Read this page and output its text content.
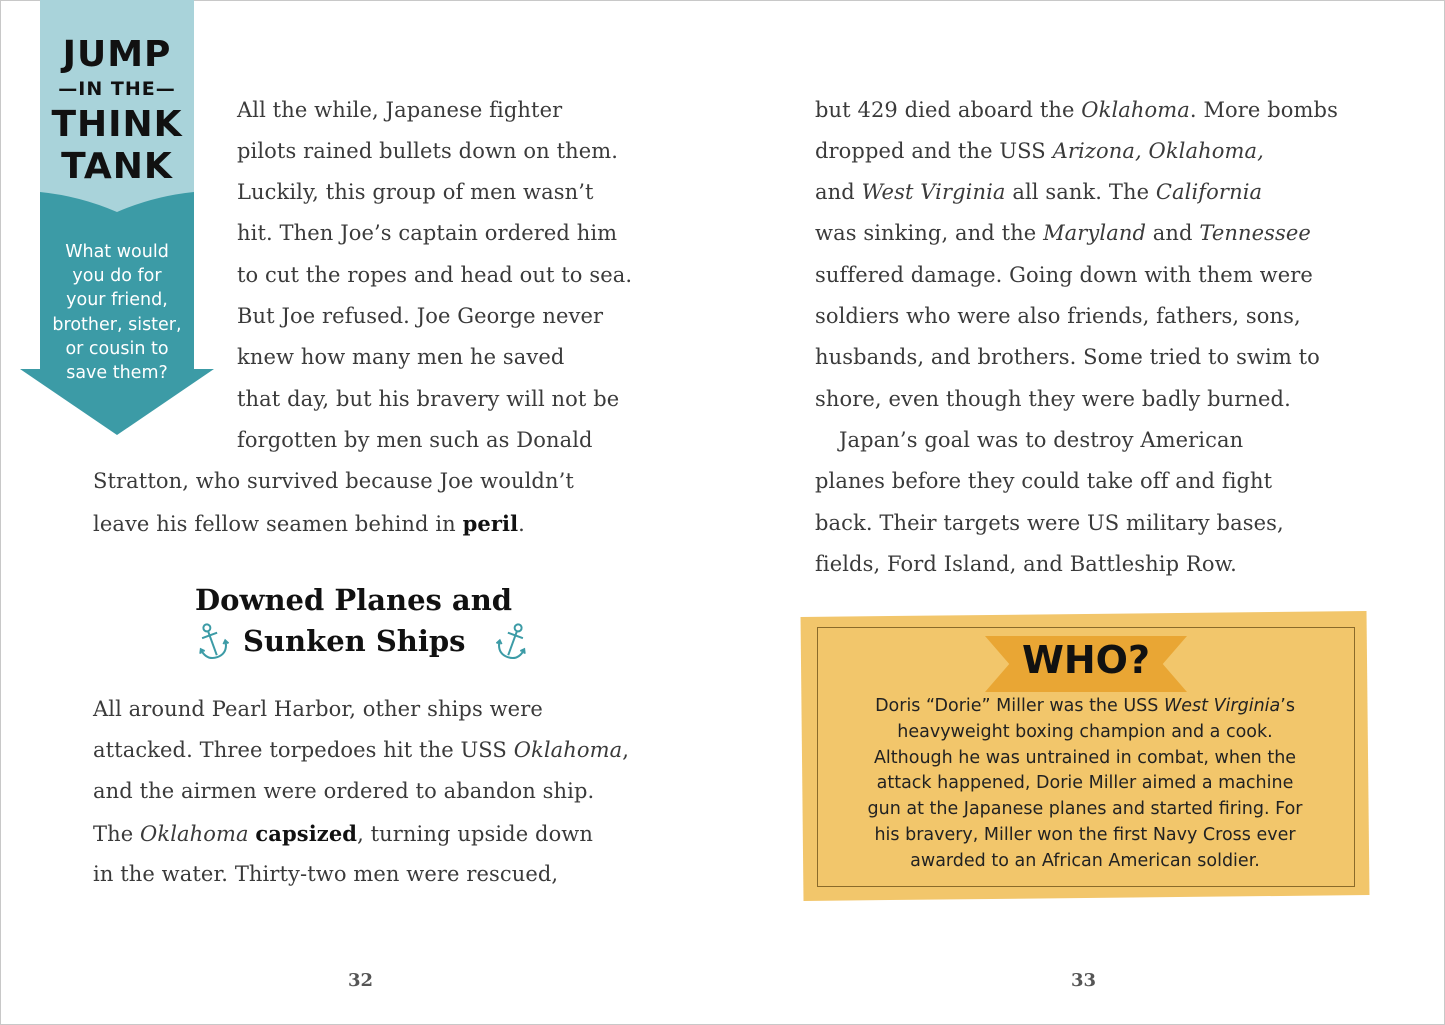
JUMP
—IN THE—
THINK
TANK
What would
you do for
your friend,
brother, sister,
or cousin to
save them?
All the while, Japanese fighter
pilots rained bullets down on them.
Luckily, this group of men wasn’t
hit. Then Joe’s captain ordered him
to cut the ropes and head out to sea.
But Joe refused. Joe George never
knew how many men he saved
that day, but his bravery will not be
forgotten by men such as Donald
Stratton, who survived because Joe wouldn’t
leave his fellow seamen behind in peril.
Downed Planes and
Sunken Ships
All around Pearl Harbor, other ships were
attacked. Three torpedoes hit the USS Oklahoma,
and the airmen were ordered to abandon ship.
The Oklahoma capsized, turning upside down
in the water. Thirty-two men were rescued,
32
but 429 died aboard the Oklahoma. More bombs
dropped and the USS Arizona, Oklahoma,
and West Virginia all sank. The California
was sinking, and the Maryland and Tennessee
suffered damage. Going down with them were
soldiers who were also friends, fathers, sons,
husbands, and brothers. Some tried to swim to
shore, even though they were badly burned.
Japan’s goal was to destroy American
planes before they could take off and fight
back. Their targets were US military bases,
fields, Ford Island, and Battleship Row.
WHO?
Doris “Dorie” Miller was the USS West Virginia’s
heavyweight boxing champion and a cook.
Although he was untrained in combat, when the
attack happened, Dorie Miller aimed a machine
gun at the Japanese planes and started firing. For
his bravery, Miller won the first Navy Cross ever
awarded to an African American soldier.
33
